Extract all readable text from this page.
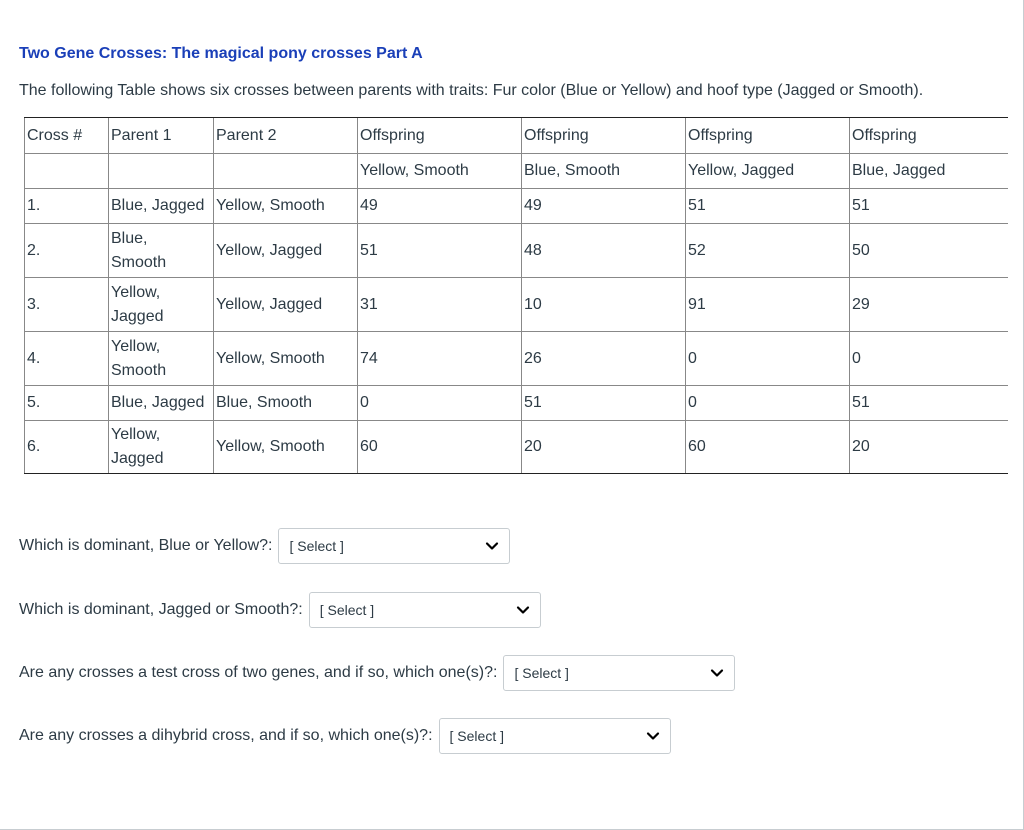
Two Gene Crosses: The magical pony crosses Part A

The following Table shows six crosses between parents with traits: Fur color (Blue or Yellow) and hoof type (Jagged or Smooth).

Cross #	Parent 1	Parent 2	Offspring	Offspring	Offspring	Offspring
			Yellow, Smooth	Blue, Smooth	Yellow, Jagged	Blue, Jagged
1.	Blue, Jagged	Yellow, Smooth	49	49	51	51
2.	Blue,
Smooth	Yellow, Jagged	51	48	52	50
3.	Yellow,
Jagged	Yellow, Jagged	31	10	91	29
4.	Yellow,
Smooth	Yellow, Smooth	74	26	0	0
5.	Blue, Jagged	Blue, Smooth	0	51	0	51
6.	Yellow,
Jagged	Yellow, Smooth	60	20	60	20
Which is dominant, Blue or Yellow?: [ Select ]
Which is dominant, Jagged or Smooth?: [ Select ]
Are any crosses a test cross of two genes, and if so, which one(s)?: [ Select ]
Are any crosses a dihybrid cross, and if so, which one(s)?: [ Select ]
